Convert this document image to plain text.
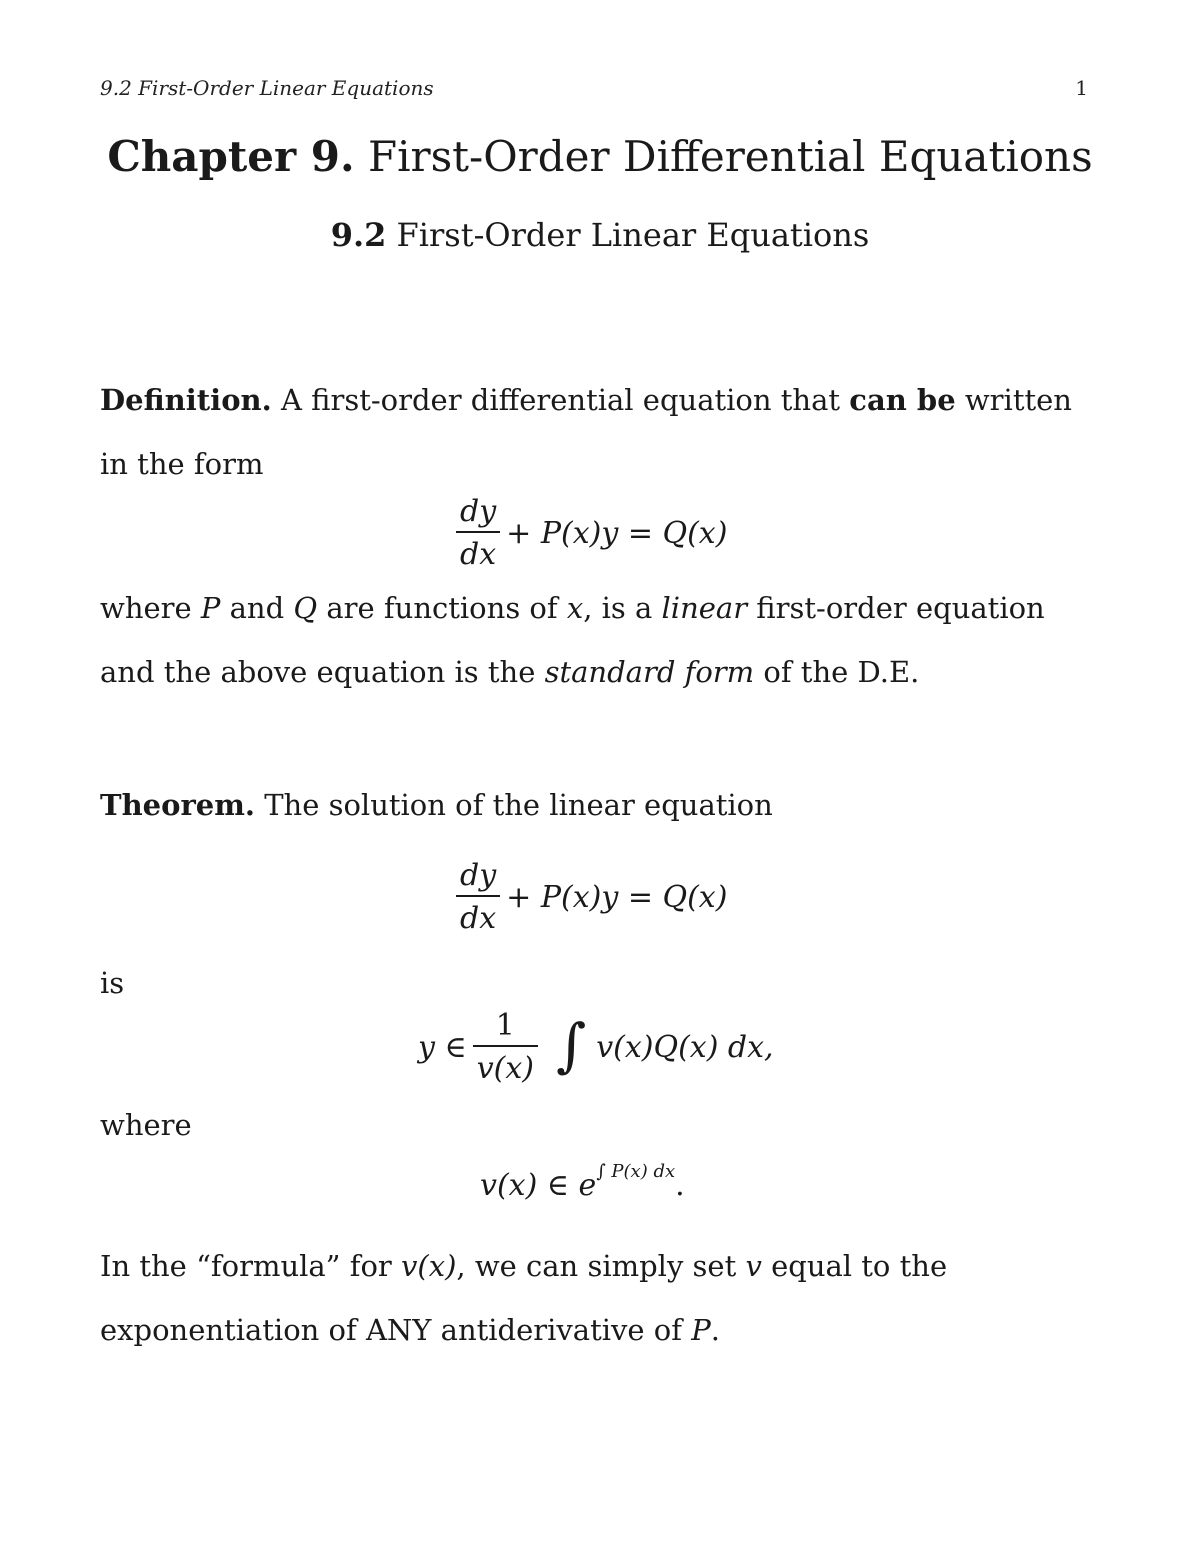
9.2 First-Order Linear Equations	1
Chapter 9. First-Order Differential Equations
9.2 First-Order Linear Equations
Definition. A first-order differential equation that can be written in the form
$\frac{dy}{dx} + P(x)y = Q(x)$
where P and Q are functions of x, is a linear first-order equation and the above equation is the standard form of the D.E.
Theorem. The solution of the linear equation
$\frac{dy}{dx} + P(x)y = Q(x)$
is
y ∈ $\frac{1}{v(x)}$ ∫ v(x)Q(x) dx,
where
v(x) ∈ e ∫ P(x) dx .
In the “formula” for v(x), we can simply set v equal to the exponentiation of ANY antiderivative of P.
